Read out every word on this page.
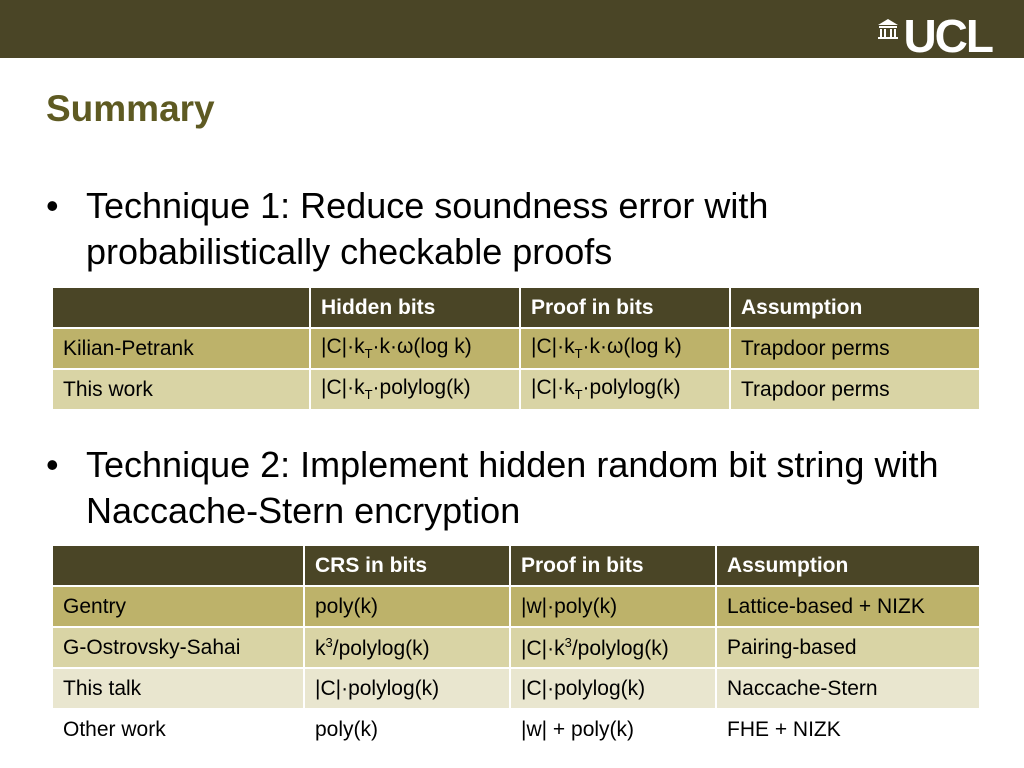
UCL
Summary
• Technique 1: Reduce soundness error with probabilistically checkable proofs
	Hidden bits	Proof in bits	Assumption
Kilian-Petrank	$|C|\cdot k_T\cdot k\cdot\omega(\log$ k)	$|C|\cdot k_T\cdot k\cdot\omega(\log$ k)	Trapdoor perms
This work	$|C|\cdot k_T\cdot polylog(k)$	$|C|\cdot k_T\cdot polylog(k)$	Trapdoor perms
• Technique 2: Implement hidden random bit string with Naccache-Stern encryption
	CRS in bits	Proof in bits	Assumption
Gentry	poly(k)	|w|·poly(k)	Lattice-based + NIZK
G-Ostrovsky-Sahai	$k^3/polylog(k)$	$|C|\cdot k^3/polylog(k)$	Pairing-based
This talk	|C|·polylog(k)	|C|·polylog(k)	Naccache-Stern
Other work	poly(k)	|w| + poly(k)	FHE + NIZK
